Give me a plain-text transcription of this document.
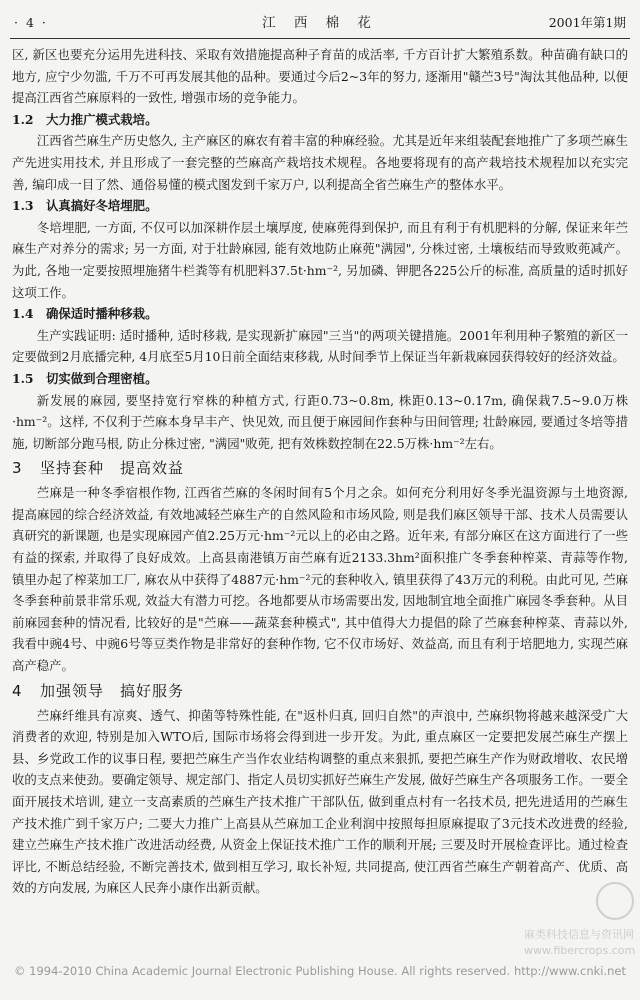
· 4 ·	江 西 棉 花	2001年第1期

区, 新区也要充分运用先进科技、采取有效措施提高种子育苗的成活率, 千方百计扩大繁殖系数。种苗确有缺口的地方, 应宁少勿滥, 千万不可再发展其他的品种。要通过今后2~3年的努力, 逐渐用"赣苎3号"淘汰其他品种, 以便提高江西省苎麻原料的一致性, 增强市场的竞争能力。

1.2　大力推广模式栽培。

江西省苎麻生产历史悠久, 主产麻区的麻农有着丰富的种麻经验。尤其是近年来组装配套地推广了多项苎麻生产先进实用技术, 并且形成了一套完整的苎麻高产栽培技术规程。各地要将现有的高产栽培技术规程加以充实完善, 编印成一目了然、通俗易懂的模式图发到千家万户, 以利提高全省苎麻生产的整体水平。

1.3　认真搞好冬培埋肥。

冬培埋肥, 一方面, 不仅可以加深耕作层土壤厚度, 使麻蔸得到保护, 而且有利于有机肥料的分解, 保证来年苎麻生产对养分的需求; 另一方面, 对于壮龄麻园, 能有效地防止麻蔸"满园", 分株过密, 土壤板结而导致败蔸减产。为此, 各地一定要按照埋施猪牛栏粪等有机肥料37.5t·hm⁻², 另加磷、钾肥各225公斤的标准, 高质量的适时抓好这项工作。

1.4　确保适时播种移栽。

生产实践证明: 适时播种, 适时移栽, 是实现新扩麻园"三当"的两项关键措施。2001年利用种子繁殖的新区一定要做到2月底播完种, 4月底至5月10日前全面结束移栽, 从时间季节上保证当年新栽麻园获得较好的经济效益。

1.5　切实做到合理密植。

新发展的麻园, 要坚持宽行窄株的种植方式, 行距0.73~0.8m, 株距0.13~0.17m, 确保栽7.5~9.0万株·hm⁻²。这样, 不仅利于苎麻本身早丰产、快见效, 而且便于麻园间作套种与田间管理; 壮龄麻园, 要通过冬培等措施, 切断部分跑马根, 防止分株过密, "满园"败蔸, 把有效株数控制在22.5万株·hm⁻²左右。

3 坚持套种　提高效益

苎麻是一种冬季宿根作物, 江西省苎麻的冬闲时间有5个月之余。如何充分利用好冬季光温资源与土地资源, 提高麻园的综合经济效益, 有效地减轻苎麻生产的自然风险和市场风险, 则是我们麻区领导干部、技术人员需要认真研究的新课题, 也是实现麻园产值2.25万元·hm⁻²元以上的必由之路。近年来, 有部分麻区在这方面进行了一些有益的探索, 并取得了良好成效。上高县南港镇万亩苎麻有近2133.3hm²面积推广冬季套种榨菜、青蒜等作物, 镇里办起了榨菜加工厂, 麻农从中获得了4887元·hm⁻²元的套种收入, 镇里获得了43万元的利税。由此可见, 苎麻冬季套种前景非常乐观, 效益大有潜力可挖。各地都要从市场需要出发, 因地制宜地全面推广麻园冬季套种。从目前麻园套种的情况看, 比较好的是"苎麻——蔬菜套种模式", 其中值得大力提倡的除了苎麻套种榨菜、青蒜以外, 我看中豌4号、中豌6号等豆类作物是非常好的套种作物, 它不仅市场好、效益高, 而且有利于培肥地力, 实现苎麻高产稳产。

4 加强领导　搞好服务

苎麻纤维具有凉爽、透气、抑菌等特殊性能, 在"返朴归真, 回归自然"的声浪中, 苎麻织物将越来越深受广大消费者的欢迎, 特别是加入WTO后, 国际市场将会得到进一步开发。为此, 重点麻区一定要把发展苎麻生产摆上县、乡党政工作的议事日程, 要把苎麻生产当作农业结构调整的重点来狠抓, 要把苎麻生产作为财政增收、农民增收的支点来使劲。要确定领导、规定部门、指定人员切实抓好苎麻生产发展, 做好苎麻生产各项服务工作。一要全面开展技术培训, 建立一支高素质的苎麻生产技术推广干部队伍, 做到重点村有一名技术员, 把先进适用的苎麻生产技术推广到千家万户; 二要大力推广上高县从苎麻加工企业利润中按照每担原麻提取了3元技术改进费的经验, 建立苎麻生产技术推广改进活动经费, 从资金上保证技术推广工作的顺利开展; 三要及时开展检查评比。通过检查评比, 不断总结经验, 不断完善技术, 做到相互学习, 取长补短, 共同提高, 使江西省苎麻生产朝着高产、优质、高效的方向发展, 为麻区人民奔小康作出新贡献。

麻类科技信息与资讯网
www.fibercrops.com
© 1994-2010 China Academic Journal Electronic Publishing House. All rights reserved. http://www.cnki.net
